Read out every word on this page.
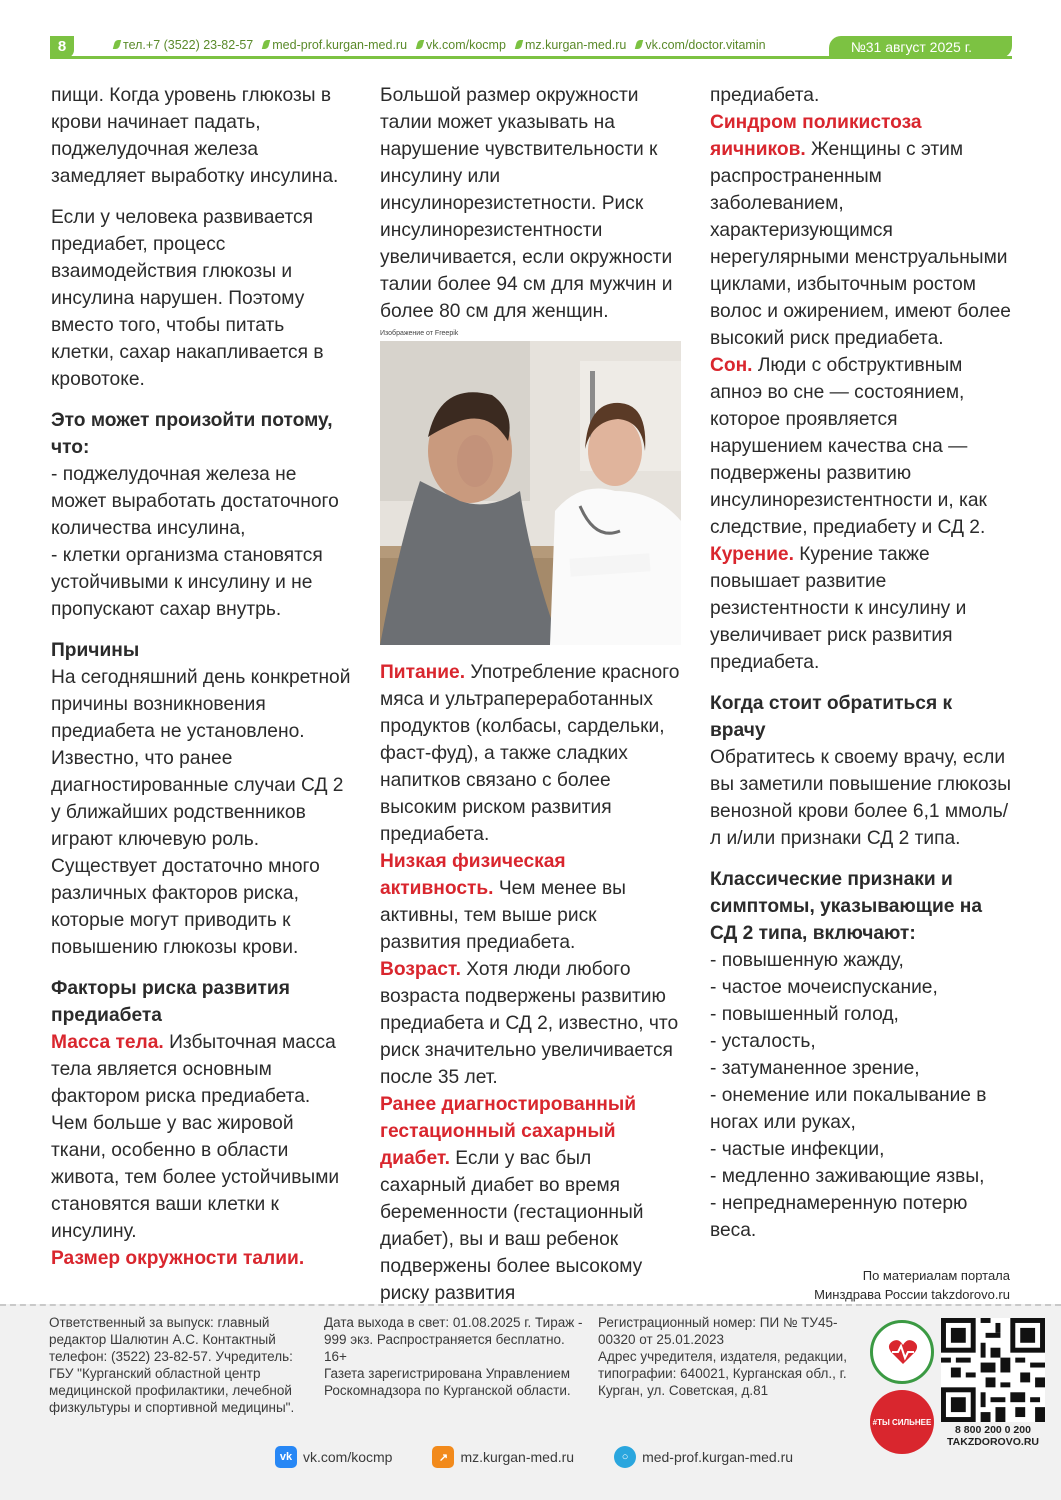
8	тел.+7 (3522) 23-82-57	med-prof.kurgan-med.ru	vk.com/kocmp	mz.kurgan-med.ru	vk.com/doctor.vitamin	№31 август 2025 г.

пищи. Когда уровень глюкозы в крови начинает падать, поджелудочная железа замедляет выработку инсулина.

Если у человека развивается предиабет, процесс взаимодействия глюкозы и инсулина нарушен. Поэтому вместо того, чтобы питать клетки, сахар накапливается в кровотоке.

Это может произойти потому, что:

- поджелудочная железа не может выработать достаточного количества инсулина,

- клетки организма становятся устойчивыми к инсулину и не пропускают сахар внутрь.

Причины

На сегодняшний день конкретной причины возникновения предиабета не установлено. Известно, что ранее диагностированные случаи СД 2 у ближайших родственников играют ключевую роль. Существует достаточно много различных факторов риска, которые могут приводить к повышению глюкозы крови.

Факторы риска развития предиабета

Масса тела. Избыточная масса тела является основным фактором риска предиабета. Чем больше у вас жировой ткани, особенно в области живота, тем более устойчивыми становятся ваши клетки к инсулину.

Размер окружности талии.

Большой размер окружности талии может указывать на нарушение чувствительности к инсулину или инсулинорезистетности. Риск инсулинорезистентности увеличивается, если окружности талии более 94 см для мужчин и более 80 см для женщин.

Изображение от Freepik

Питание. Употребление красного мяса и ультрапереработанных продуктов (колбасы, сардельки, фаст-фуд), а также сладких напитков связано с более высоким риском развития предиабета.

Низкая физическая активность. Чем менее вы активны, тем выше риск развития предиабета.

Возраст. Хотя люди любого возраста подвержены развитию предиабета и СД 2, известно, что риск значительно увеличивается после 35 лет.

Ранее диагностированный гестационный сахарный диабет. Если у вас был сахарный диабет во время беременности (гестационный диабет), вы и ваш ребенок подвержены более высокому риску развития

предиабета.

Синдром поликистоза яичников. Женщины с этим распространенным заболеванием, характеризующимся нерегулярными менструальными циклами, избыточным ростом волос и ожирением, имеют более высокий риск предиабета.

Сон. Люди с обструктивным апноэ во сне — состоянием, которое проявляется нарушением качества сна — подвержены развитию инсулинорезистентности и, как следствие, предиабету и СД 2.

Курение. Курение также повышает развитие резистентности к инсулину и увеличивает риск развития предиабета.

Когда стоит обратиться к врачу

Обратитесь к своему врачу, если вы заметили повышение глюкозы венозной крови более 6,1 ммоль/л и/или признаки СД 2 типа.

Классические признаки и симптомы, указывающие на СД 2 типа, включают:

- повышенную жажду,

- частое мочеиспускание,

- повышенный голод,

- усталость,

- затуманенное зрение,

- онемение или покалывание в ногах или руках,

- частые инфекции,

- медленно заживающие язвы,

- непреднамеренную потерю веса.

По материалам портала
Минздрава России takzdorovo.ru
Ответственный за выпуск: главный редактор Шалютин А.С. Контактный телефон: (3522) 23-82-57. Учредитель: ГБУ "Курганский областной центр медицинской профилактики, лечебной физкультуры и спортивной медицины".
Дата выхода в свет: 01.08.2025 г. Тираж - 999 экз. Распространяется бесплатно. 16+
Газета зарегистрирована Управлением Роскомнадзора по Курганской области.
Регистрационный номер: ПИ № ТУ45-00320 от 25.01.2023
Адрес учредителя, издателя, редакции, типографии: 640021, Курганская обл., г. Курган, ул. Советская, д.81
vk vk.com/kocmp	↗ mz.kurgan-med.ru	○ med-prof.kurgan-med.ru
#ТЫ СИЛЬНЕЕ
8 800 200 0 200
TAKZDOROVO.RU
